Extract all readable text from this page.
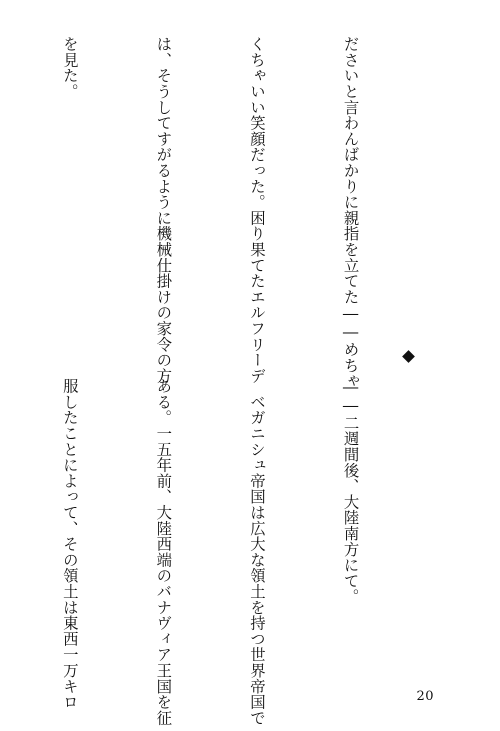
ださいと言わんばかりに親指を立てた――めちゃ

くちゃいい笑顔だった。困り果てたエルフリーデ

は、そうしてすがるように機械仕掛けの家令の方

を見た。

――二週間後、大陸南方にて。

　ベガニシュ帝国は広大な領土を持つ世界帝国で

ある。一五年前、大陸西端のバナヴィア王国を征

服したことによって、その領土は東西一万キロ

	20
